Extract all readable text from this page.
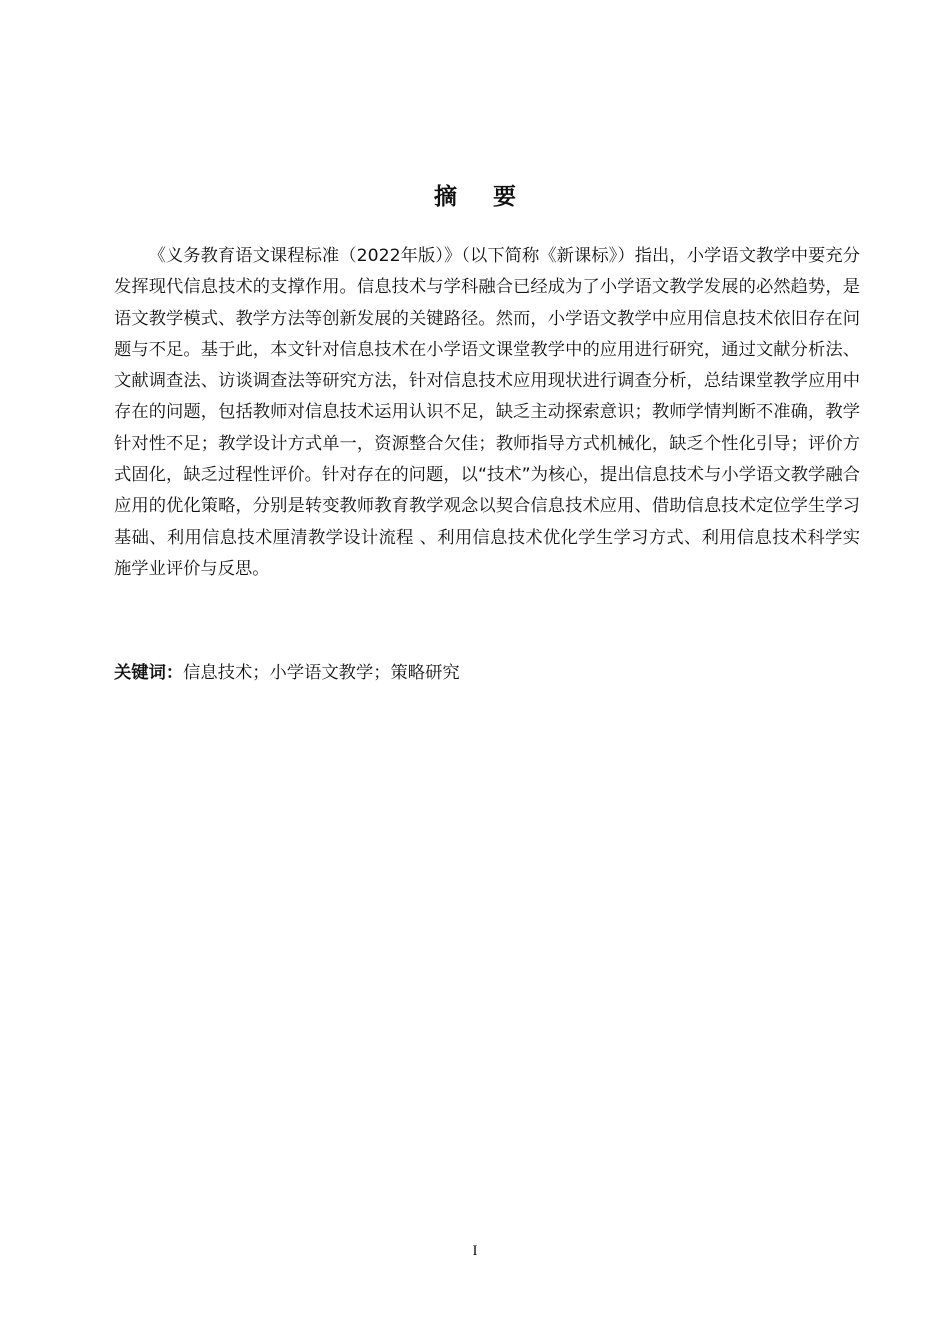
摘 要

《义务教育语文课程标准（2022年版）》（以下简称《新课标》）指出，小学语文教学中要充分发挥现代信息技术的支撑作用。信息技术与学科融合已经成为了小学语文教学发展的必然趋势，是语文教学模式、教学方法等创新发展的关键路径。然而，小学语文教学中应用信息技术依旧存在问题与不足。基于此，本文针对信息技术在小学语文课堂教学中的应用进行研究，通过文献分析法、文献调查法、访谈调查法等研究方法，针对信息技术应用现状进行调查分析，总结课堂教学应用中存在的问题，包括教师对信息技术运用认识不足，缺乏主动探索意识；教师学情判断不准确，教学针对性不足；教学设计方式单一，资源整合欠佳；教师指导方式机械化，缺乏个性化引导；评价方式固化，缺乏过程性评价。针对存在的问题，以“技术”为核心，提出信息技术与小学语文教学融合应用的优化策略，分别是转变教师教育教学观念以契合信息技术应用、借助信息技术定位学生学习基础、利用信息技术厘清教学设计流程 、利用信息技术优化学生学习方式、利用信息技术科学实施学业评价与反思。

关键词：信息技术；小学语文教学；策略研究

I
